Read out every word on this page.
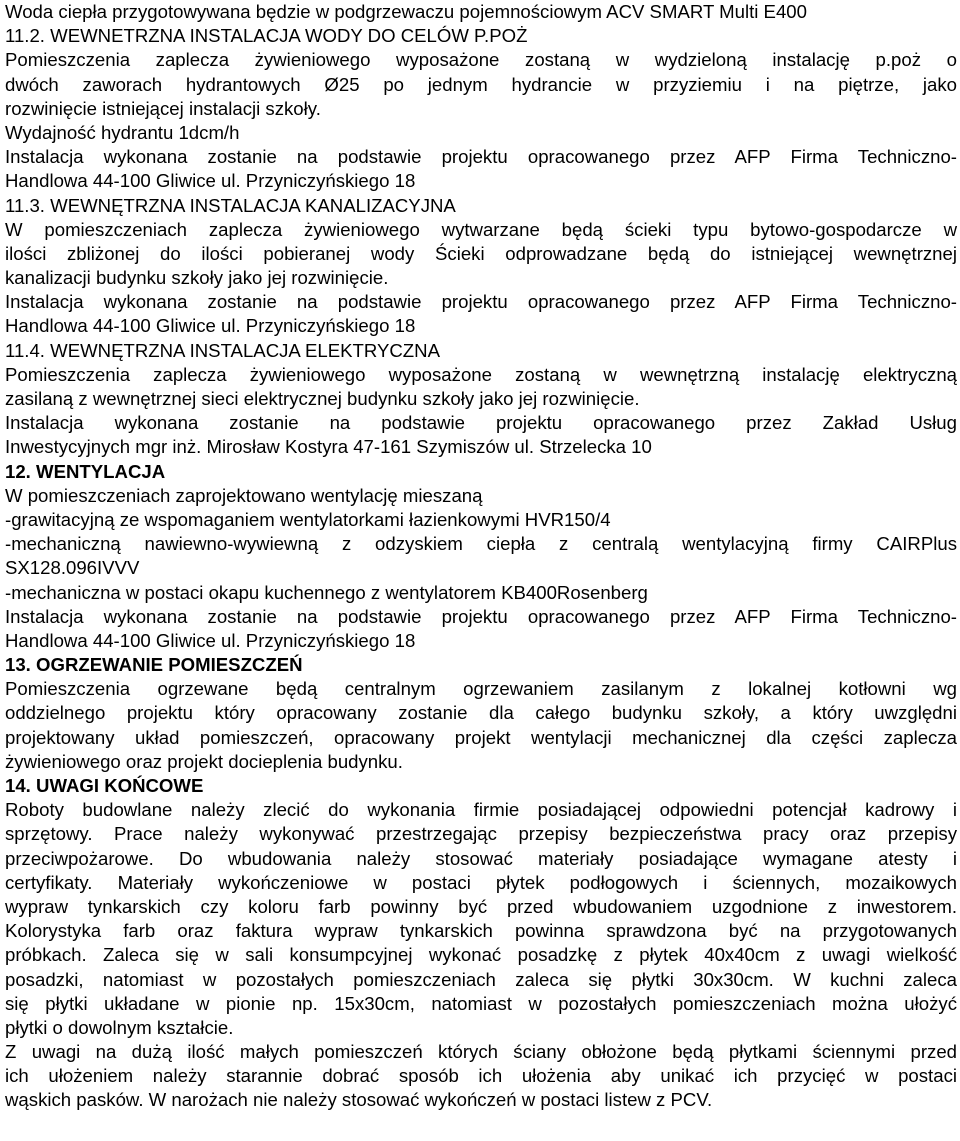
Woda ciepła przygotowywana będzie w podgrzewaczu pojemnościowym ACV SMART Multi E400
11.2. WEWNETRZNA INSTALACJA WODY DO CELÓW P.POŻ
Pomieszczenia zaplecza żywieniowego wyposażone zostaną w wydzieloną instalację p.poż o
dwóch zaworach hydrantowych Ø25 po jednym hydrancie w przyziemiu i na piętrze, jako
rozwinięcie istniejącej instalacji szkoły.
Wydajność hydrantu 1dcm/h
Instalacja wykonana zostanie na podstawie projektu opracowanego przez AFP Firma Techniczno-
Handlowa 44-100 Gliwice ul. Przyniczyńskiego 18
11.3. WEWNĘTRZNA INSTALACJA KANALIZACYJNA
W pomieszczeniach zaplecza żywieniowego wytwarzane będą ścieki typu bytowo-gospodarcze w
ilości zbliżonej do ilości pobieranej wody Ścieki odprowadzane będą do istniejącej wewnętrznej
kanalizacji budynku szkoły jako jej rozwinięcie.
Instalacja wykonana zostanie na podstawie projektu opracowanego przez AFP Firma Techniczno-
Handlowa 44-100 Gliwice ul. Przyniczyńskiego 18
11.4. WEWNĘTRZNA INSTALACJA ELEKTRYCZNA
Pomieszczenia zaplecza żywieniowego wyposażone zostaną w wewnętrzną instalację elektryczną
zasilaną z wewnętrznej sieci elektrycznej budynku szkoły jako jej rozwinięcie.
Instalacja wykonana zostanie na podstawie projektu opracowanego przez Zakład Usług
Inwestycyjnych mgr inż. Mirosław Kostyra 47-161 Szymiszów ul. Strzelecka 10
12. WENTYLACJA
W pomieszczeniach zaprojektowano wentylację mieszaną
-grawitacyjną ze wspomaganiem wentylatorkami łazienkowymi HVR150/4
-mechaniczną nawiewno-wywiewną z odzyskiem ciepła z centralą wentylacyjną firmy CAIRPlus
SX128.096IVVV
-mechaniczna w postaci okapu kuchennego z wentylatorem KB400Rosenberg
Instalacja wykonana zostanie na podstawie projektu opracowanego przez AFP Firma Techniczno-
Handlowa 44-100 Gliwice ul. Przyniczyńskiego 18
13. OGRZEWANIE POMIESZCZEŃ
Pomieszczenia ogrzewane będą centralnym ogrzewaniem zasilanym z lokalnej kotłowni wg
oddzielnego projektu który opracowany zostanie dla całego budynku szkoły, a który uwzględni
projektowany układ pomieszczeń, opracowany projekt wentylacji mechanicznej dla części zaplecza
żywieniowego oraz projekt docieplenia budynku.
14. UWAGI KOŃCOWE
Roboty budowlane należy zlecić do wykonania firmie posiadającej odpowiedni potencjał kadrowy i
sprzętowy. Prace należy wykonywać przestrzegając przepisy bezpieczeństwa pracy oraz przepisy
przeciwpożarowe. Do wbudowania należy stosować materiały posiadające wymagane atesty i
certyfikaty. Materiały wykończeniowe w postaci płytek podłogowych i ściennych, mozaikowych
wypraw tynkarskich czy koloru farb powinny być przed wbudowaniem uzgodnione z inwestorem.
Kolorystyka farb oraz faktura wypraw tynkarskich powinna sprawdzona być na przygotowanych
próbkach. Zaleca się w sali konsumpcyjnej wykonać posadzkę z płytek 40x40cm z uwagi wielkość
posadzki, natomiast w pozostałych pomieszczeniach zaleca się płytki 30x30cm. W kuchni zaleca
się płytki układane w pionie np. 15x30cm, natomiast w pozostałych pomieszczeniach można ułożyć
płytki o dowolnym kształcie.
Z uwagi na dużą ilość małych pomieszczeń których ściany obłożone będą płytkami ściennymi przed
ich ułożeniem należy starannie dobrać sposób ich ułożenia aby unikać ich przycięć w postaci
wąskich pasków. W narożach nie należy stosować wykończeń w postaci listew z PCV.
